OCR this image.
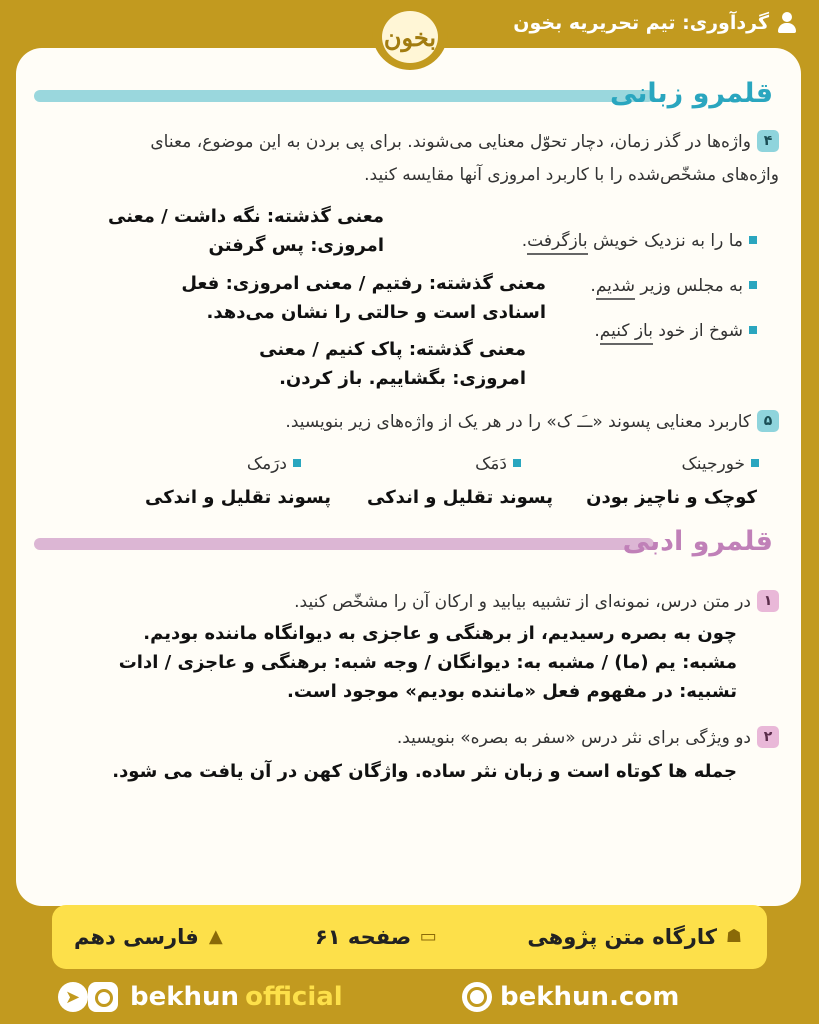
گردآوری: تیم تحریریه بخون
بخون
قلمرو زبانی
۴واژه‌ها در گذر زمان، دچار تحوّل معنایی می‌شوند. برای پی بردن به این موضوع، معنای
واژه‌های مشخّص‌شده را با کاربرد امروزی آنها مقایسه کنید.
ما را به نزدیک خویش بازگرفت.
به مجلس وزیر شدیم.
شوخ از خود باز کنیم.
معنی گذشته: نگه داشت / معنی امروزی: پس گرفتن
معنی گذشته: رفتیم / معنی امروزی: فعل اسنادی است و حالتی را نشان می‌دهد.
معنی گذشته: پاک کنیم / معنی امروزی: بگشاییم. باز کردن.
۵کاربرد معنایی پسوند «ــَـ ک» را در هر یک از واژه‌های زیر بنویسید.
خورجینک
دَمَک
درَمک
کوچک و ناچیز بودن
پسوند تقلیل و اندکی
پسوند تقلیل و اندکی
قلمرو ادبی
۱در متن درس، نمونه‌ای از تشبیه بیابید و ارکان آن را مشخّص کنید.
چون به بصره رسیدیم، از برهنگی و عاجزی به دیوانگاه ماننده بودیم.
مشبه: یم (ما) / مشبه به: دیوانگان / وجه شبه: برهنگی و عاجزی / ادات
تشبیه: در مفهوم فعل «ماننده بودیم» موجود است.
۲دو ویژگی برای نثر درس «سفر به بصره» بنویسید.
جمله ها کوتاه است و زبان نثر ساده. واژگان کهن در آن یافت می شود.
☗
کارگاه متن پژوهی
▭
صفحه ۶۱
▲
فارسی دهم
➤ bekhun official	bekhun.com
